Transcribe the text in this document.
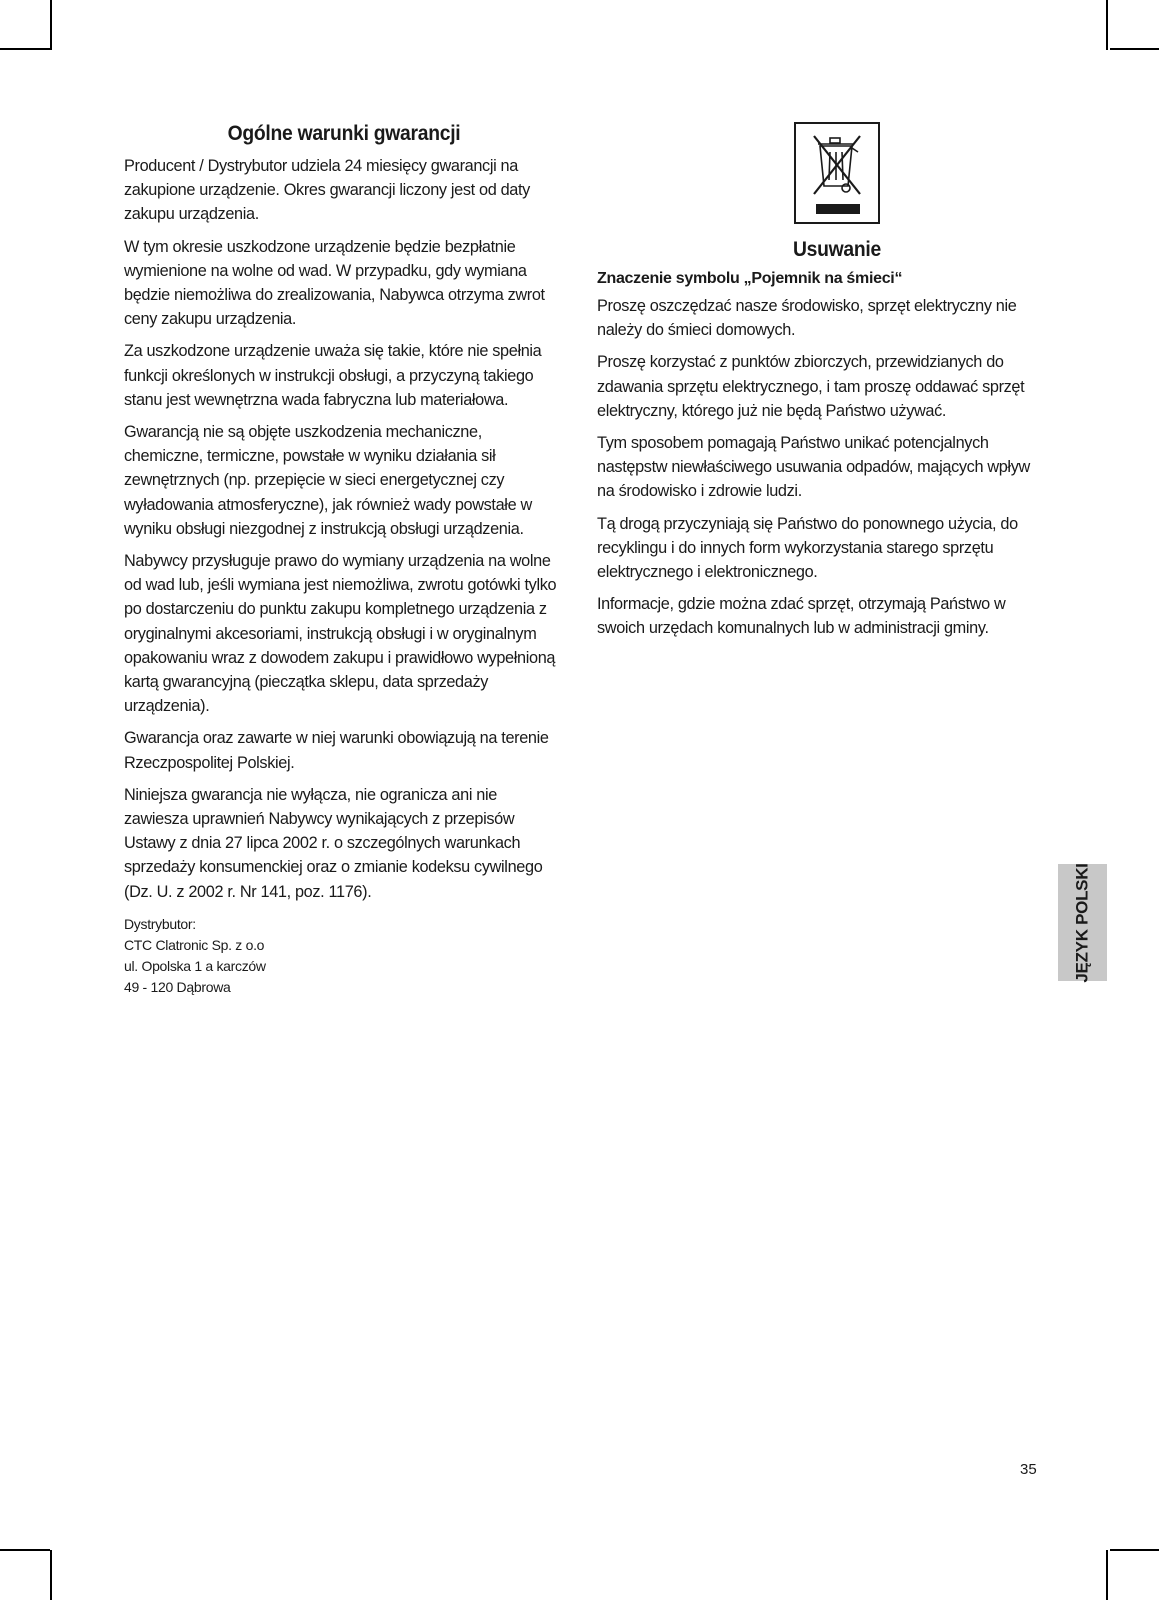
Ogólne warunki gwarancji

Producent / Dystrybutor udziela 24 miesięcy gwarancji na zakupione urządzenie. Okres gwarancji liczony jest od daty zakupu urządzenia.

W tym okresie uszkodzone urządzenie będzie bezpłatnie wymienione na wolne od wad. W przypadku, gdy wymiana będzie niemożliwa do zrealizowania, Nabywca otrzyma zwrot ceny zakupu urządzenia.

Za uszkodzone urządzenie uważa się takie, które nie spełnia funkcji określonych w instrukcji obsługi, a przyczyną takiego stanu jest wewnętrzna wada fabryczna lub materiałowa.

Gwarancją nie są objęte uszkodzenia mechaniczne, chemiczne, termiczne, powstałe w wyniku działania sił zewnętrznych (np. przepięcie w sieci energetycznej czy wyładowania atmosferyczne), jak również wady powstałe w wyniku obsługi niezgodnej z instrukcją obsługi urządzenia.

Nabywcy przysługuje prawo do wymiany urządzenia na wolne od wad lub, jeśli wymiana jest niemożliwa, zwrotu gotówki tylko po dostarczeniu do punktu zakupu kompletnego urządzenia z oryginalnymi akcesoriami, instrukcją obsługi i w oryginalnym opakowaniu wraz z dowodem zakupu i prawidłowo wypełnioną kartą gwarancyjną (pieczątka sklepu, data sprzedaży urządzenia).

Gwarancja oraz zawarte w niej warunki obowiązują na terenie Rzeczpospolitej Polskiej.

Niniejsza gwarancja nie wyłącza, nie ogranicza ani nie zawiesza uprawnień Nabywcy wynikających z przepisów Ustawy z dnia 27 lipca 2002 r. o szczególnych warunkach sprzedaży konsumenckiej oraz o zmianie kodeksu cywilnego (Dz. U. z 2002 r. Nr 141, poz. 1176).

Dystrybutor:
CTC Clatronic Sp. z o.o
ul. Opolska 1 a karczów
49 - 120 Dąbrowa
Usuwanie
Znaczenie symbolu „Pojemnik na śmieci“

Proszę oszczędzać nasze środowisko, sprzęt elektryczny nie należy do śmieci domowych.

Proszę korzystać z punktów zbiorczych, przewidzianych do zdawania sprzętu elektrycznego, i tam proszę oddawać sprzęt elektryczny, którego już nie będą Państwo używać.

Tym sposobem pomagają Państwo unikać potencjalnych następstw niewłaściwego usuwania odpadów, mających wpływ na środowisko i zdrowie ludzi.

Tą drogą przyczyniają się Państwo do ponownego użycia, do recyklingu i do innych form wykorzystania starego sprzętu elektrycznego i elektronicznego.

Informacje, gdzie można zdać sprzęt, otrzymają Państwo w swoich urzędach komunalnych lub w administracji gminy.

JĘZYK POLSKI
35
